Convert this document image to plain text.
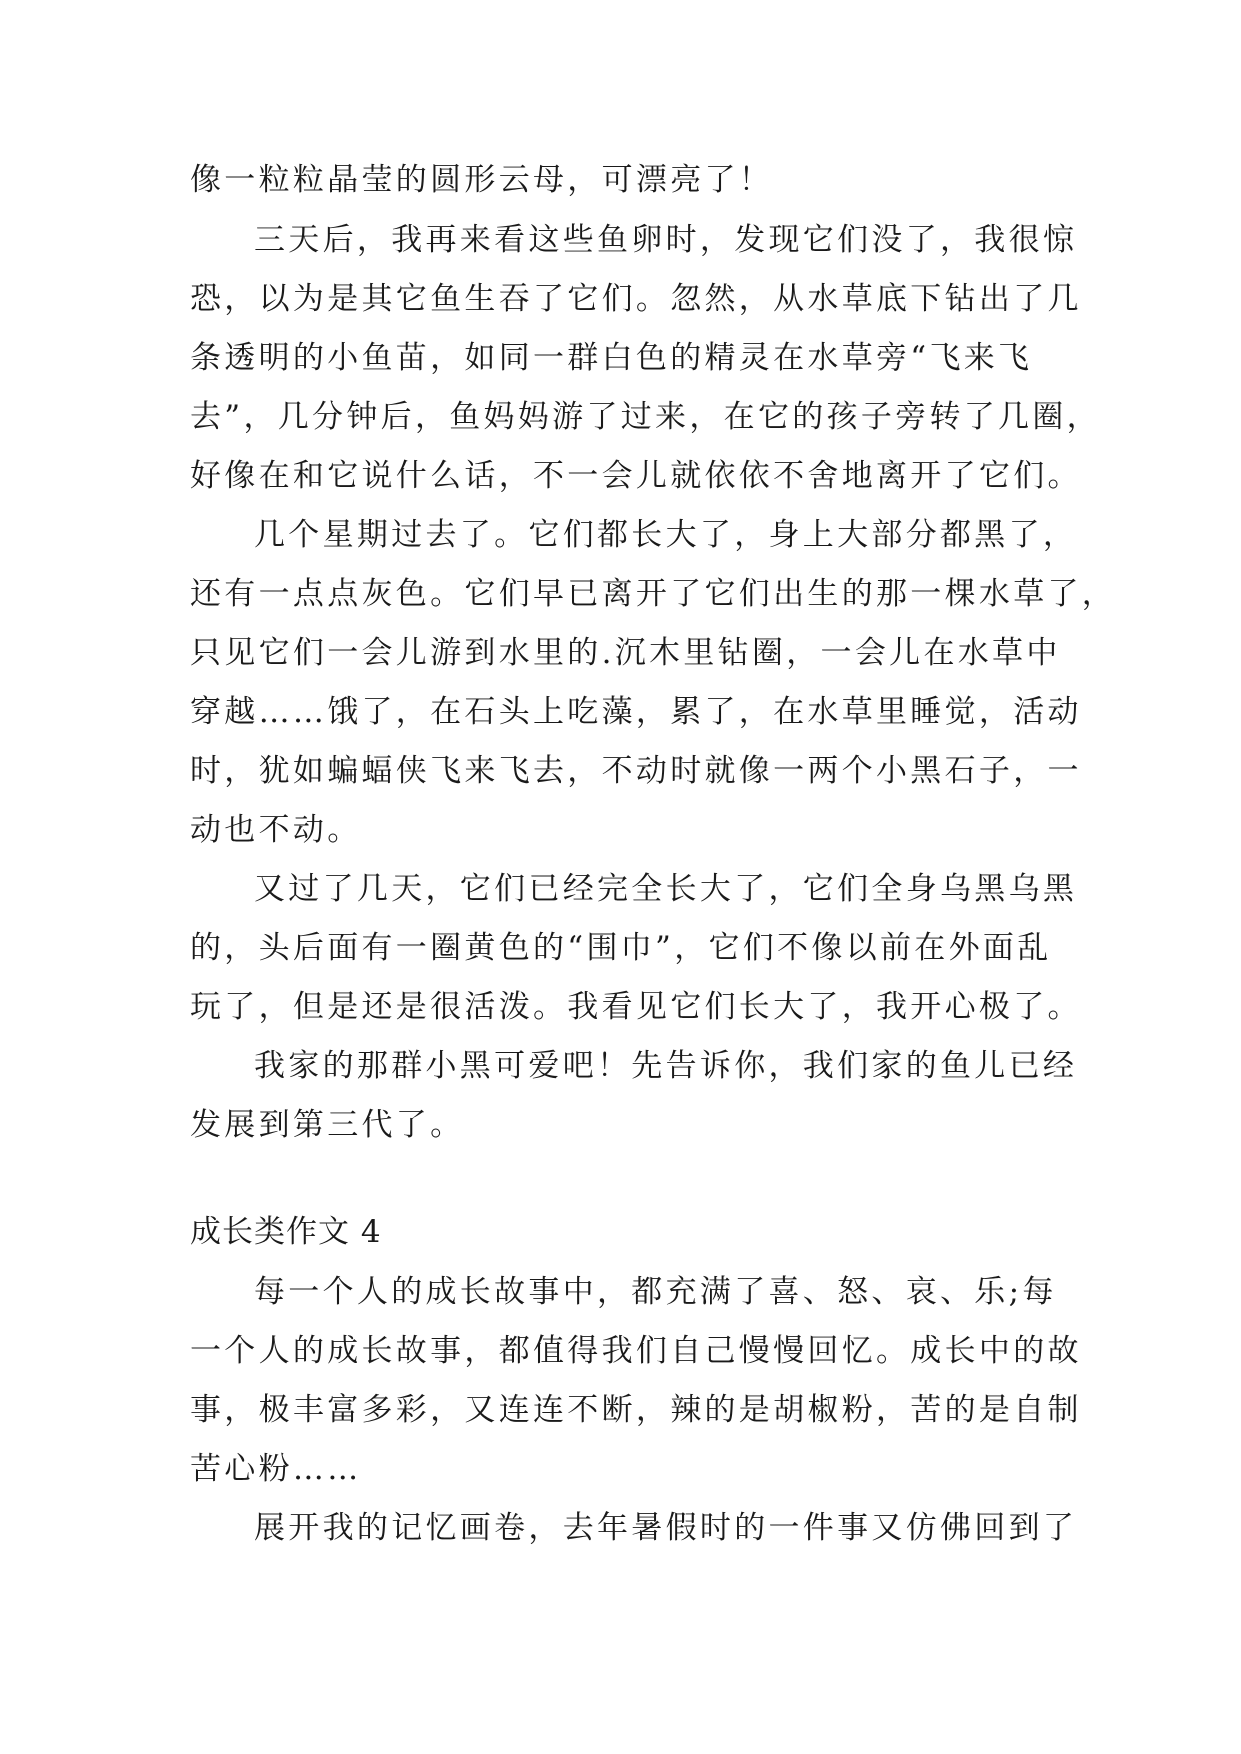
像一粒粒晶莹的圆形云母，可漂亮了！
三天后，我再来看这些鱼卵时，发现它们没了，我很惊
恐，以为是其它鱼生吞了它们。忽然，从水草底下钻出了几
条透明的小鱼苗，如同一群白色的精灵在水草旁“飞来飞
去”，几分钟后，鱼妈妈游了过来，在它的孩子旁转了几圈，
好像在和它说什么话，不一会儿就依依不舍地离开了它们。
几个星期过去了。它们都长大了，身上大部分都黑了，
还有一点点灰色。它们早已离开了它们出生的那一棵水草了，
只见它们一会儿游到水里的.沉木里钻圈，一会儿在水草中
穿越……饿了，在石头上吃藻，累了，在水草里睡觉，活动
时，犹如蝙蝠侠飞来飞去，不动时就像一两个小黑石子，一
动也不动。
又过了几天，它们已经完全长大了，它们全身乌黑乌黑
的，头后面有一圈黄色的“围巾”，它们不像以前在外面乱
玩了，但是还是很活泼。我看见它们长大了，我开心极了。
我家的那群小黑可爱吧！先告诉你，我们家的鱼儿已经
发展到第三代了。
成长类作文 4
每一个人的成长故事中，都充满了喜、怒、哀、乐;每
一个人的成长故事，都值得我们自己慢慢回忆。成长中的故
事，极丰富多彩，又连连不断，辣的是胡椒粉，苦的是自制
苦心粉……
展开我的记忆画卷，去年暑假时的一件事又仿佛回到了
